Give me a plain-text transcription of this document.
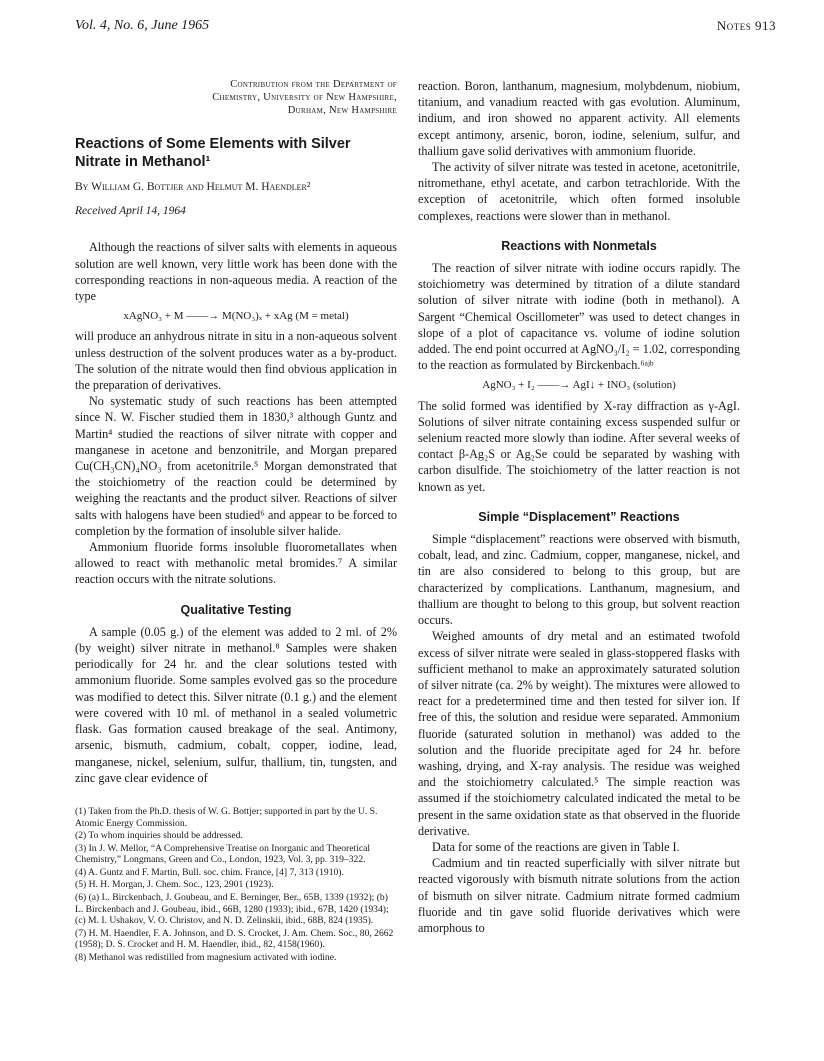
Vol. 4, No. 6, June 1965	Notes 913
Contribution from the Department of
Chemistry, University of New Hampshire,
Durham, New Hampshire
Reactions of Some Elements with Silver Nitrate in Methanol¹
By William G. Bottjer and Helmut M. Haendler²
Received April 14, 1964

Although the reactions of silver salts with elements in aqueous solution are well known, very little work has been done with the corresponding reactions in non-aqueous media. A reaction of the type

xAgNO₃ + M ——→ M(NO₃)ₓ + xAg (M = metal)

will produce an anhydrous nitrate in situ in a non-aqueous solvent unless destruction of the solvent produces water as a by-product. The solution of the nitrate would then find obvious application in the preparation of derivatives.

No systematic study of such reactions has been attempted since N. W. Fischer studied them in 1830,³ although Guntz and Martin⁴ studied the reactions of silver nitrate with copper and manganese in acetone and benzonitrile, and Morgan prepared Cu(CH₃CN)₄NO₃ from acetonitrile.⁵ Morgan demonstrated that the stoichiometry of the reaction could be determined by weighing the reactants and the product silver. Reactions of silver salts with halogens have been studied⁶ and appear to be forced to completion by the formation of insoluble silver halide.

Ammonium fluoride forms insoluble fluorometallates when allowed to react with methanolic metal bromides.⁷ A similar reaction occurs with the nitrate solutions.

Qualitative Testing

A sample (0.05 g.) of the element was added to 2 ml. of 2% (by weight) silver nitrate in methanol.⁸ Samples were shaken periodically for 24 hr. and the clear solutions tested with ammonium fluoride. Some samples evolved gas so the procedure was modified to detect this. Silver nitrate (0.1 g.) and the element were covered with 10 ml. of methanol in a sealed volumetric flask. Gas formation caused breakage of the seal. Antimony, arsenic, bismuth, cadmium, cobalt, copper, iodine, lead, manganese, nickel, selenium, sulfur, thallium, tin, tungsten, and zinc gave clear evidence of

(1) Taken from the Ph.D. thesis of W. G. Bottjer; supported in part by the U. S. Atomic Energy Commission.
(2) To whom inquiries should be addressed.
(3) In J. W. Mellor, “A Comprehensive Treatise on Inorganic and Theoretical Chemistry,” Longmans, Green and Co., London, 1923, Vol. 3, pp. 319–322.
(4) A. Guntz and F. Martin, Bull. soc. chim. France, [4] 7, 313 (1910).
(5) H. H. Morgan, J. Chem. Soc., 123, 2901 (1923).
(6) (a) L. Birckenbach, J. Goubeau, and E. Berninger, Ber., 65B, 1339 (1932); (b) L. Birckenbach and J. Goubeau, ibid., 66B, 1280 (1933); ibid., 67B, 1420 (1934); (c) M. I. Ushakov, V. O. Christov, and N. D. Zelinskii, ibid., 68B, 824 (1935).
(7) H. M. Haendler, F. A. Johnson, and D. S. Crocket, J. Am. Chem. Soc., 80, 2662 (1958); D. S. Crocket and H. M. Haendler, ibid., 82, 4158(1960).
(8) Methanol was redistilled from magnesium activated with iodine.

reaction. Boron, lanthanum, magnesium, molybdenum, niobium, titanium, and vanadium reacted with gas evolution. Aluminum, indium, and iron showed no apparent activity. All elements except antimony, arsenic, boron, iodine, selenium, sulfur, and thallium gave solid derivatives with ammonium fluoride.

The activity of silver nitrate was tested in acetone, acetonitrile, nitromethane, ethyl acetate, and carbon tetrachloride. With the exception of acetonitrile, which often formed insoluble complexes, reactions were slower than in methanol.

Reactions with Nonmetals

The reaction of silver nitrate with iodine occurs rapidly. The stoichiometry was determined by titration of a dilute standard solution of silver nitrate with iodine (both in methanol). A Sargent “Chemical Oscillometer” was used to detect changes in slope of a plot of capacitance vs. volume of iodine solution added. The end point occurred at AgNO₃/I₂ = 1.02, corresponding to the reaction as formulated by Birckenbach.⁶ᵃʲᵇ

AgNO₃ + I₂ ——→ AgI↓ + INO₃ (solution)

The solid formed was identified by X-ray diffraction as γ-AgI. Solutions of silver nitrate containing excess suspended sulfur or selenium reacted more slowly than iodine. After several weeks of contact β-Ag₂S or Ag₂Se could be separated by washing with carbon disulfide. The stoichiometry of the latter reaction is not known as yet.

Simple “Displacement” Reactions

Simple “displacement” reactions were observed with bismuth, cobalt, lead, and zinc. Cadmium, copper, manganese, nickel, and tin are also considered to belong to this group, but are characterized by complications. Lanthanum, magnesium, and thallium are thought to belong to this group, but solvent reaction occurs.

Weighed amounts of dry metal and an estimated twofold excess of silver nitrate were sealed in glass-stoppered flasks with sufficient methanol to make an approximately saturated solution of silver nitrate (ca. 2% by weight). The mixtures were allowed to react for a predetermined time and then tested for silver ion. If free of this, the solution and residue were separated. Ammonium fluoride (saturated solution in methanol) was added to the solution and the fluoride precipitate aged for 24 hr. before washing, drying, and X-ray analysis. The residue was weighed and the stoichiometry calculated.⁵ The simple reaction was assumed if the stoichiometry calculated indicated the metal to be present in the same oxidation state as that observed in the fluoride derivative.

Data for some of the reactions are given in Table I.

Cadmium and tin reacted superficially with silver nitrate but reacted vigorously with bismuth nitrate solutions from the action of bismuth on silver nitrate. Cadmium nitrate formed cadmium fluoride and tin gave solid fluoride derivatives which were amorphous to
